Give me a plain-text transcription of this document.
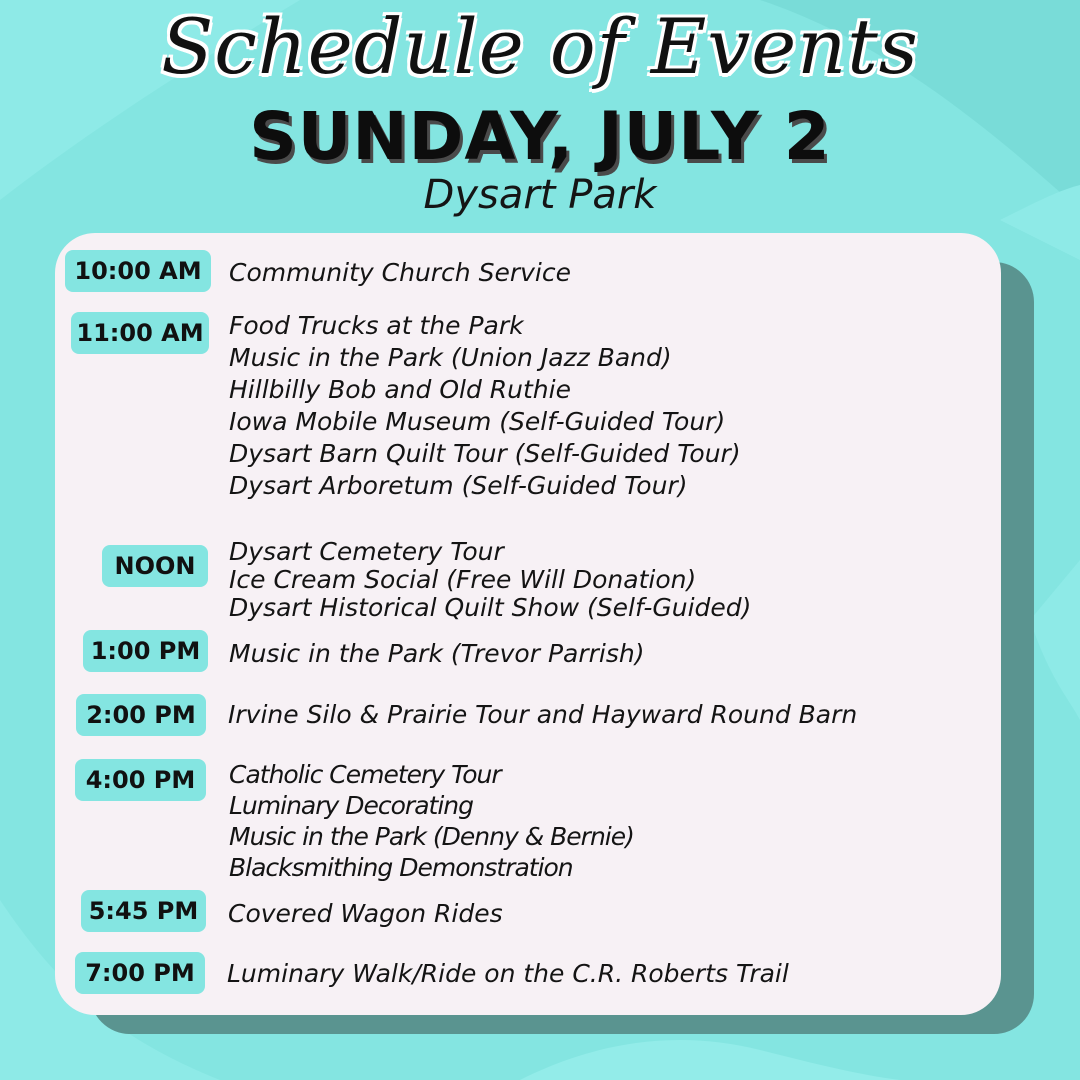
Schedule of Events
SUNDAY, JULY 2
Dysart Park
10:00 AM	Community Church Service
11:00 AM Food Trucks at the Park
Music in the Park (Union Jazz Band)
Hillbilly Bob and Old Ruthie
Iowa Mobile Museum (Self-Guided Tour)
Dysart Barn Quilt Tour (Self-Guided Tour)
Dysart Arboretum (Self-Guided Tour)
NOON	Dysart Cemetery Tour
Ice Cream Social (Free Will Donation)
Dysart Historical Quilt Show (Self-Guided)
1:00 PM	Music in the Park (Trevor Parrish)
2:00 PM	Irvine Silo & Prairie Tour and Hayward Round Barn
4:00 PM	Catholic Cemetery Tour
Luminary Decorating
Music in the Park (Denny & Bernie)
Blacksmithing Demonstration
5:45 PM	Covered Wagon Rides
7:00 PM	Luminary Walk/Ride on the C.R. Roberts Trail
